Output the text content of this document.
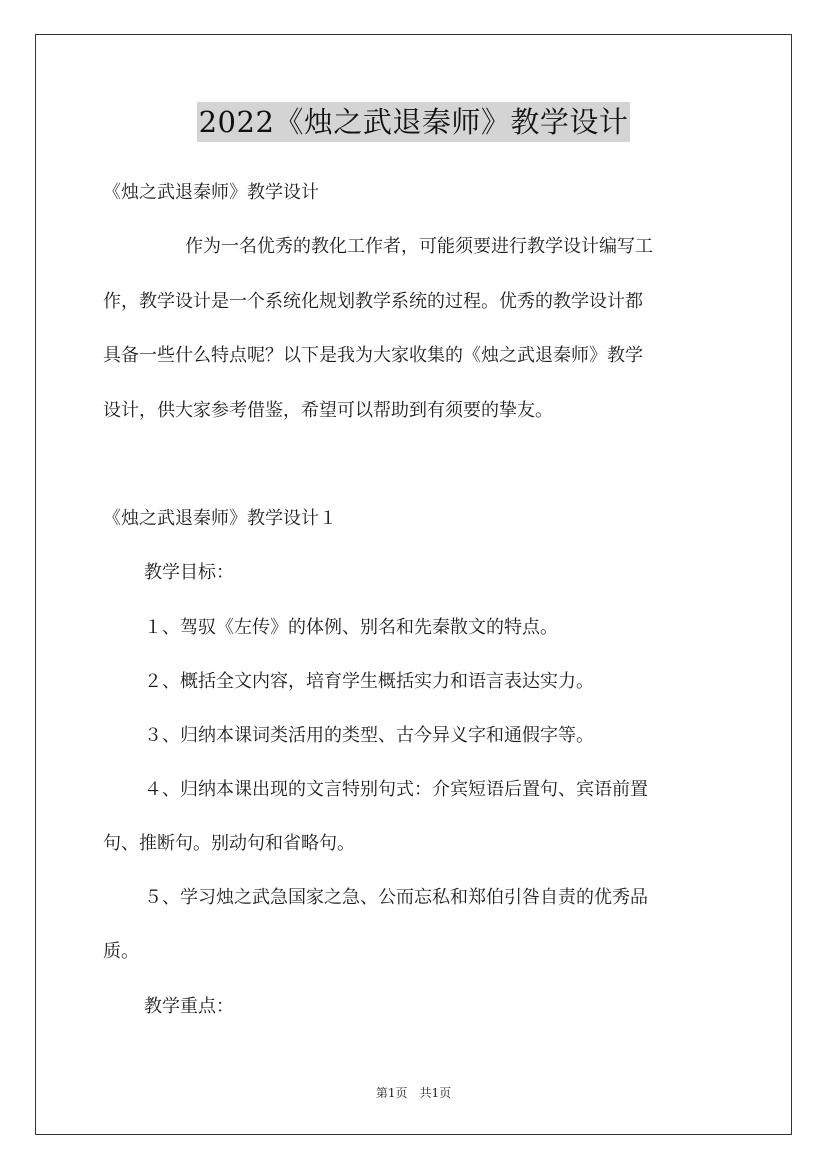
2022《烛之武退秦师》教学设计
《烛之武退秦师》教学设计
作为一名优秀的教化工作者，可能须要进行教学设计编写工
作，教学设计是一个系统化规划教学系统的过程。优秀的教学设计都
具备一些什么特点呢？以下是我为大家收集的《烛之武退秦师》教学
设计，供大家参考借鉴，希望可以帮助到有须要的挚友。
《烛之武退秦师》教学设计１
教学目标：
１、驾驭《左传》的体例、别名和先秦散文的特点。
２、概括全文内容，培育学生概括实力和语言表达实力。
３、归纳本课词类活用的类型、古今异义字和通假字等。
４、归纳本课出现的文言特别句式：介宾短语后置句、宾语前置
句、推断句。别动句和省略句。
５、学习烛之武急国家之急、公而忘私和郑伯引咎自责的优秀品
质。
教学重点：
第1页　共1页
